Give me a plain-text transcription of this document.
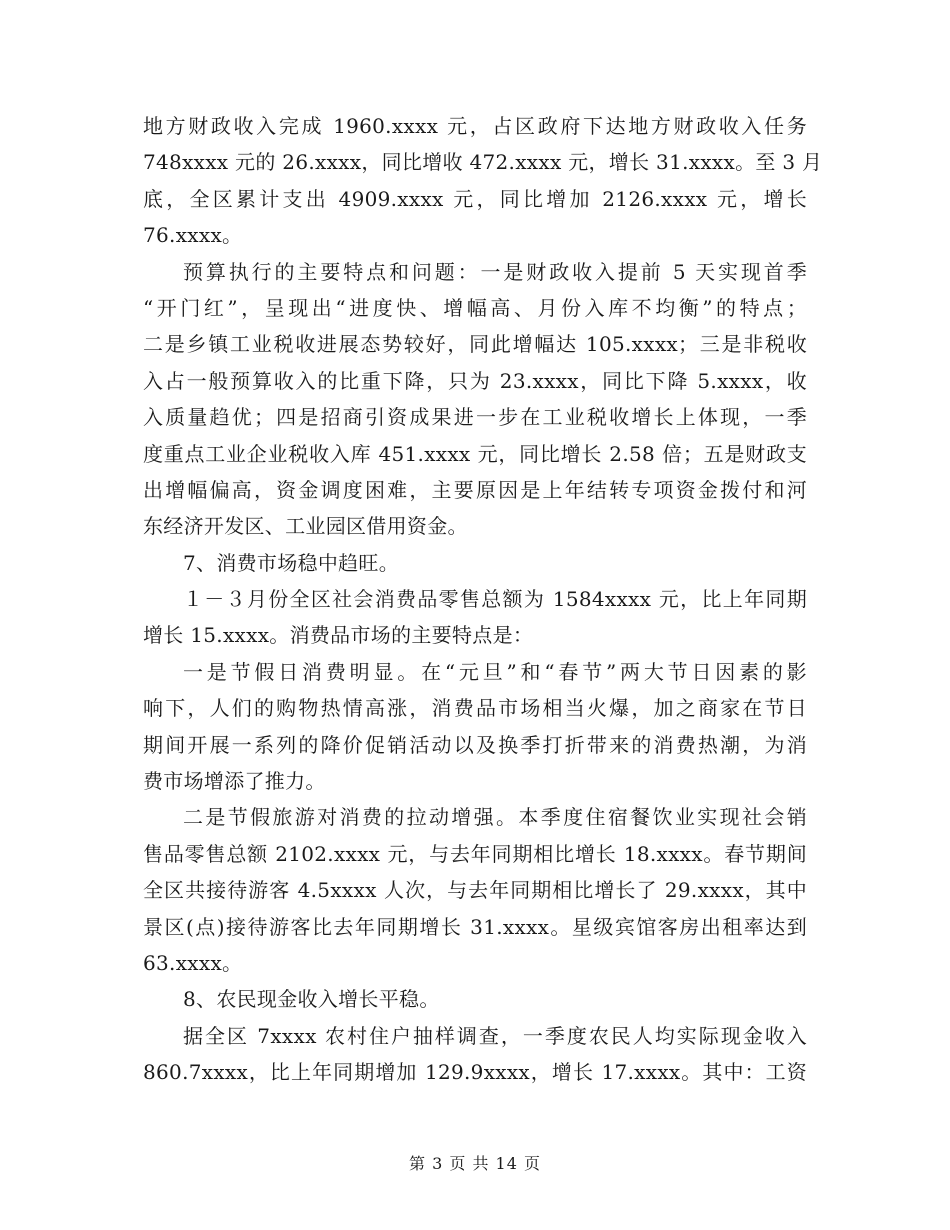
地方财政收入完成 1960.xxxx 元，占区政府下达地方财政收入任务
748xxxx 元的 26.xxxx，同比增收 472.xxxx 元，增长 31.xxxx。至 3 月
底，全区累计支出 4909.xxxx 元，同比增加 2126.xxxx 元，增长
76.xxxx。
预算执行的主要特点和问题：一是财政收入提前 5 天实现首季
“开门红”，呈现出“进度快、增幅高、月份入库不均衡”的特点；
二是乡镇工业税收进展态势较好，同此增幅达 105.xxxx；三是非税收
入占一般预算收入的比重下降，只为 23.xxxx，同比下降 5.xxxx，收
入质量趋优；四是招商引资成果进一步在工业税收增长上体现，一季
度重点工业企业税收入库 451.xxxx 元，同比增长 2.58 倍；五是财政支
出增幅偏高，资金调度困难，主要原因是上年结转专项资金拨付和河
东经济开发区、工业园区借用资金。
7、消费市场稳中趋旺。
１－３月份全区社会消费品零售总额为 1584xxxx 元，比上年同期
增长 15.xxxx。消费品市场的主要特点是：
一是节假日消费明显。在“元旦”和“春节”两大节日因素的影
响下，人们的购物热情高涨，消费品市场相当火爆，加之商家在节日
期间开展一系列的降价促销活动以及换季打折带来的消费热潮，为消
费市场增添了推力。
二是节假旅游对消费的拉动增强。本季度住宿餐饮业实现社会销
售品零售总额 2102.xxxx 元，与去年同期相比增长 18.xxxx。春节期间
全区共接待游客 4.5xxxx 人次，与去年同期相比增长了 29.xxxx，其中
景区(点)接待游客比去年同期增长 31.xxxx。星级宾馆客房出租率达到
63.xxxx。
8、农民现金收入增长平稳。
据全区 7xxxx 农村住户抽样调查，一季度农民人均实际现金收入
860.7xxxx，比上年同期增加 129.9xxxx，增长 17.xxxx。其中：工资
第 3 页 共 14 页
